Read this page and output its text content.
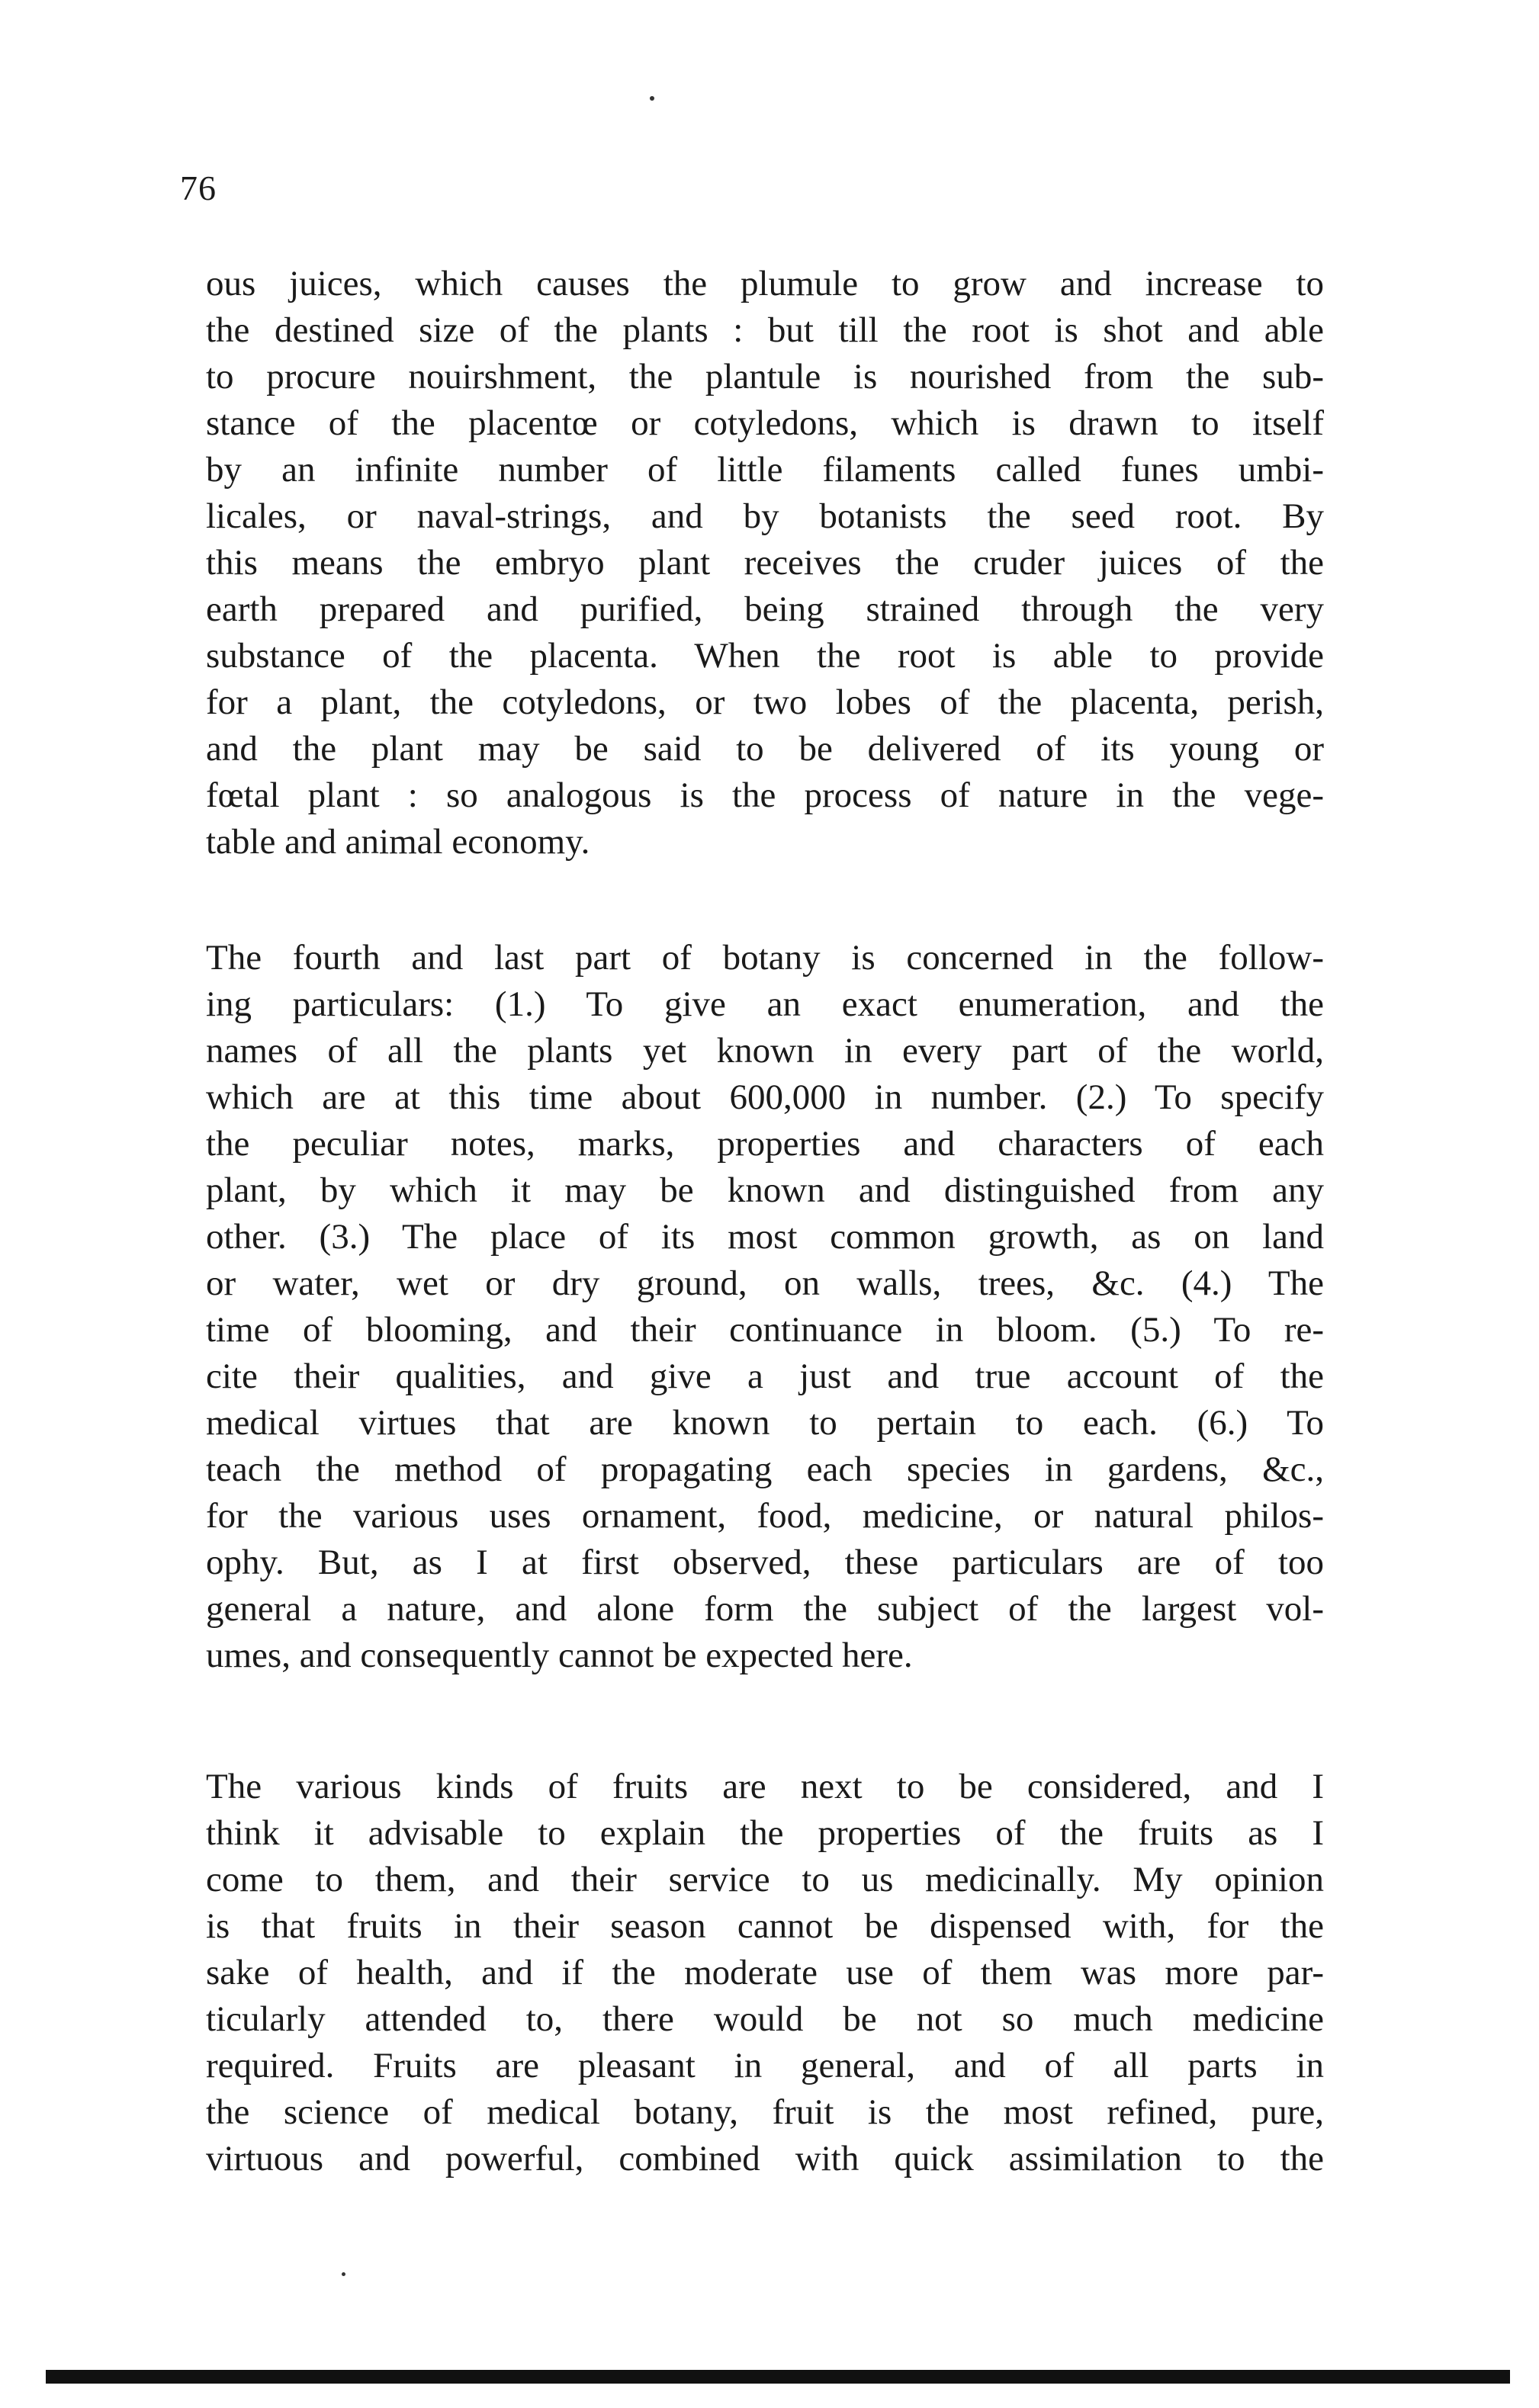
76
ous juices, which causes the plumule to grow and increase to
the destined size of the plants : but till the root is shot and able
to procure nouirshment, the plantule is nourished from the sub-
stance of the placentœ or cotyledons, which is drawn to itself
by an infinite number of little filaments called funes umbi-
licales, or naval-strings, and by botanists the seed root. By
this means the embryo plant receives the cruder juices of the
earth prepared and purified, being strained through the very
substance of the placenta. When the root is able to provide
for a plant, the cotyledons, or two lobes of the placenta, perish,
and the plant may be said to be delivered of its young or
fœtal plant : so analogous is the process of nature in the vege-
table and animal economy.
The fourth and last part of botany is concerned in the follow-
ing particulars: (1.) To give an exact enumeration, and the
names of all the plants yet known in every part of the world,
which are at this time about 600,000 in number. (2.) To specify
the peculiar notes, marks, properties and characters of each
plant, by which it may be known and distinguished from any
other. (3.) The place of its most common growth, as on land
or water, wet or dry ground, on walls, trees, &c. (4.) The
time of blooming, and their continuance in bloom. (5.) To re-
cite their qualities, and give a just and true account of the
medical virtues that are known to pertain to each. (6.) To
teach the method of propagating each species in gardens, &c.,
for the various uses ornament, food, medicine, or natural philos-
ophy. But, as I at first observed, these particulars are of too
general a nature, and alone form the subject of the largest vol-
umes, and consequently cannot be expected here.
The various kinds of fruits are next to be considered, and I
think it advisable to explain the properties of the fruits as I
come to them, and their service to us medicinally. My opinion
is that fruits in their season cannot be dispensed with, for the
sake of health, and if the moderate use of them was more par-
ticularly attended to, there would be not so much medicine
required. Fruits are pleasant in general, and of all parts in
the science of medical botany, fruit is the most refined, pure,
virtuous and powerful, combined with quick assimilation to the
